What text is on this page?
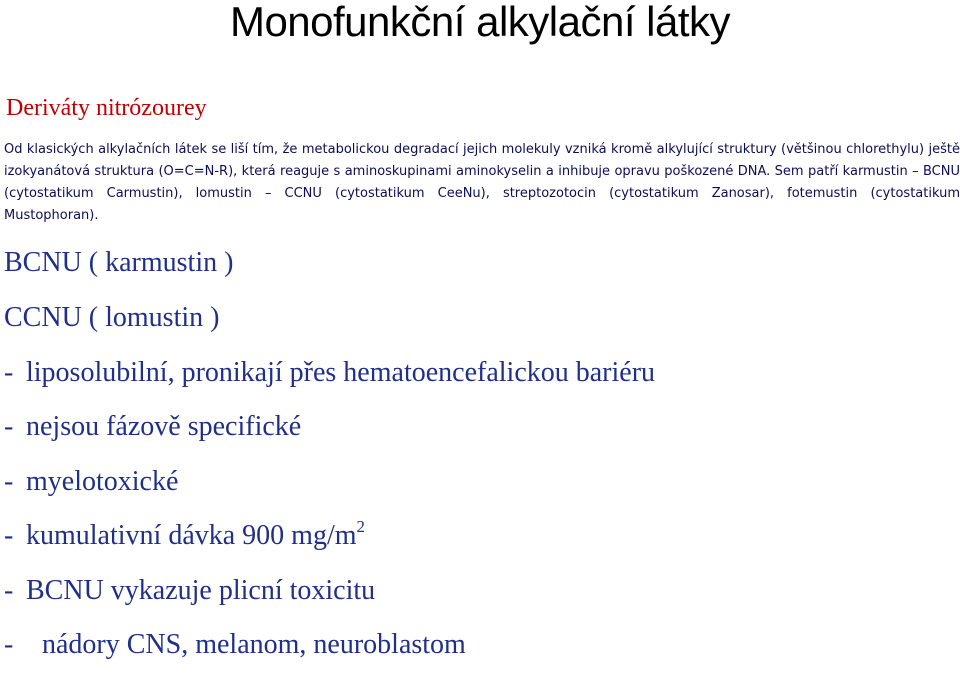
Monofunkční alkylační látky
Deriváty nitrózourey

Od klasických alkylačních látek se liší tím, že metabolickou degradací jejich molekuly vzniká kromě alkylující struktury (většinou chlorethylu) ještě izokyanátová struktura (O=C=N-R), která reaguje s aminoskupinami aminokyselin a inhibuje opravu poškozené DNA. Sem patří karmustin – BCNU (cytostatikum Carmustin), lomustin – CCNU (cytostatikum CeeNu), streptozotocin (cytostatikum Zanosar), fotemustin (cytostatikum Mustophoran).

BCNU ( karmustin )
CCNU ( lomustin )
- liposolubilní, pronikají přes hematoencefalickou bariéru
- nejsou fázově specifické
- myelotoxické
- kumulativní dávka 900 $mg/m^2$
- BCNU vykazuje plicní toxicitu
- nádory CNS, melanom, neuroblastom
